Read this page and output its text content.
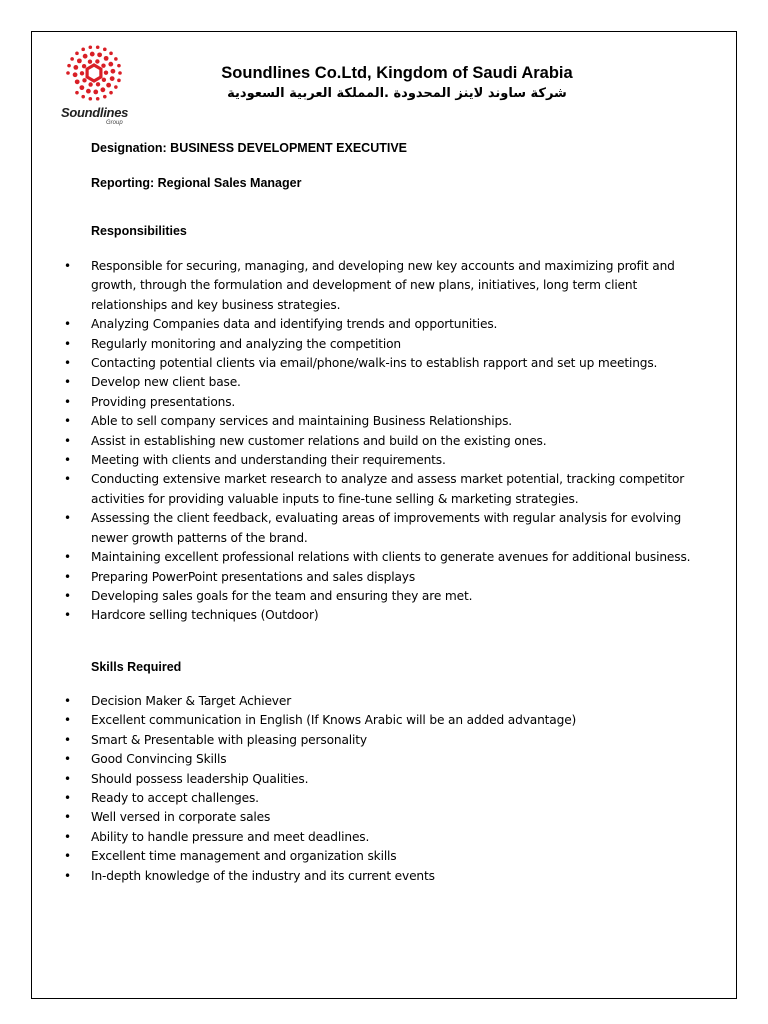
Soundlines
Group
Soundlines Co.Ltd, Kingdom of Saudi Arabia
شركة ساوند لاينز المحدودة .المملكة العربية السعودية
Designation: BUSINESS DEVELOPMENT EXECUTIVE
Reporting: Regional Sales Manager
Responsibilities
• Responsible for securing, managing, and developing new key accounts and maximizing profit and growth, through the formulation and development of new plans, initiatives, long term client relationships and key business strategies.
• Analyzing Companies data and identifying trends and opportunities.
• Regularly monitoring and analyzing the competition
• Contacting potential clients via email/phone/walk-ins to establish rapport and set up meetings.
• Develop new client base.
• Providing presentations.
• Able to sell company services and maintaining Business Relationships.
• Assist in establishing new customer relations and build on the existing ones.
• Meeting with clients and understanding their requirements.
• Conducting extensive market research to analyze and assess market potential, tracking competitor activities for providing valuable inputs to fine-tune selling & marketing strategies.
• Assessing the client feedback, evaluating areas of improvements with regular analysis for evolving newer growth patterns of the brand.
• Maintaining excellent professional relations with clients to generate avenues for additional business.
• Preparing PowerPoint presentations and sales displays
• Developing sales goals for the team and ensuring they are met.
• Hardcore selling techniques (Outdoor)
Skills Required
• Decision Maker & Target Achiever
• Excellent communication in English (If Knows Arabic will be an added advantage)
• Smart & Presentable with pleasing personality
• Good Convincing Skills
• Should possess leadership Qualities.
• Ready to accept challenges.
• Well versed in corporate sales
• Ability to handle pressure and meet deadlines.
• Excellent time management and organization skills
• In-depth knowledge of the industry and its current events
